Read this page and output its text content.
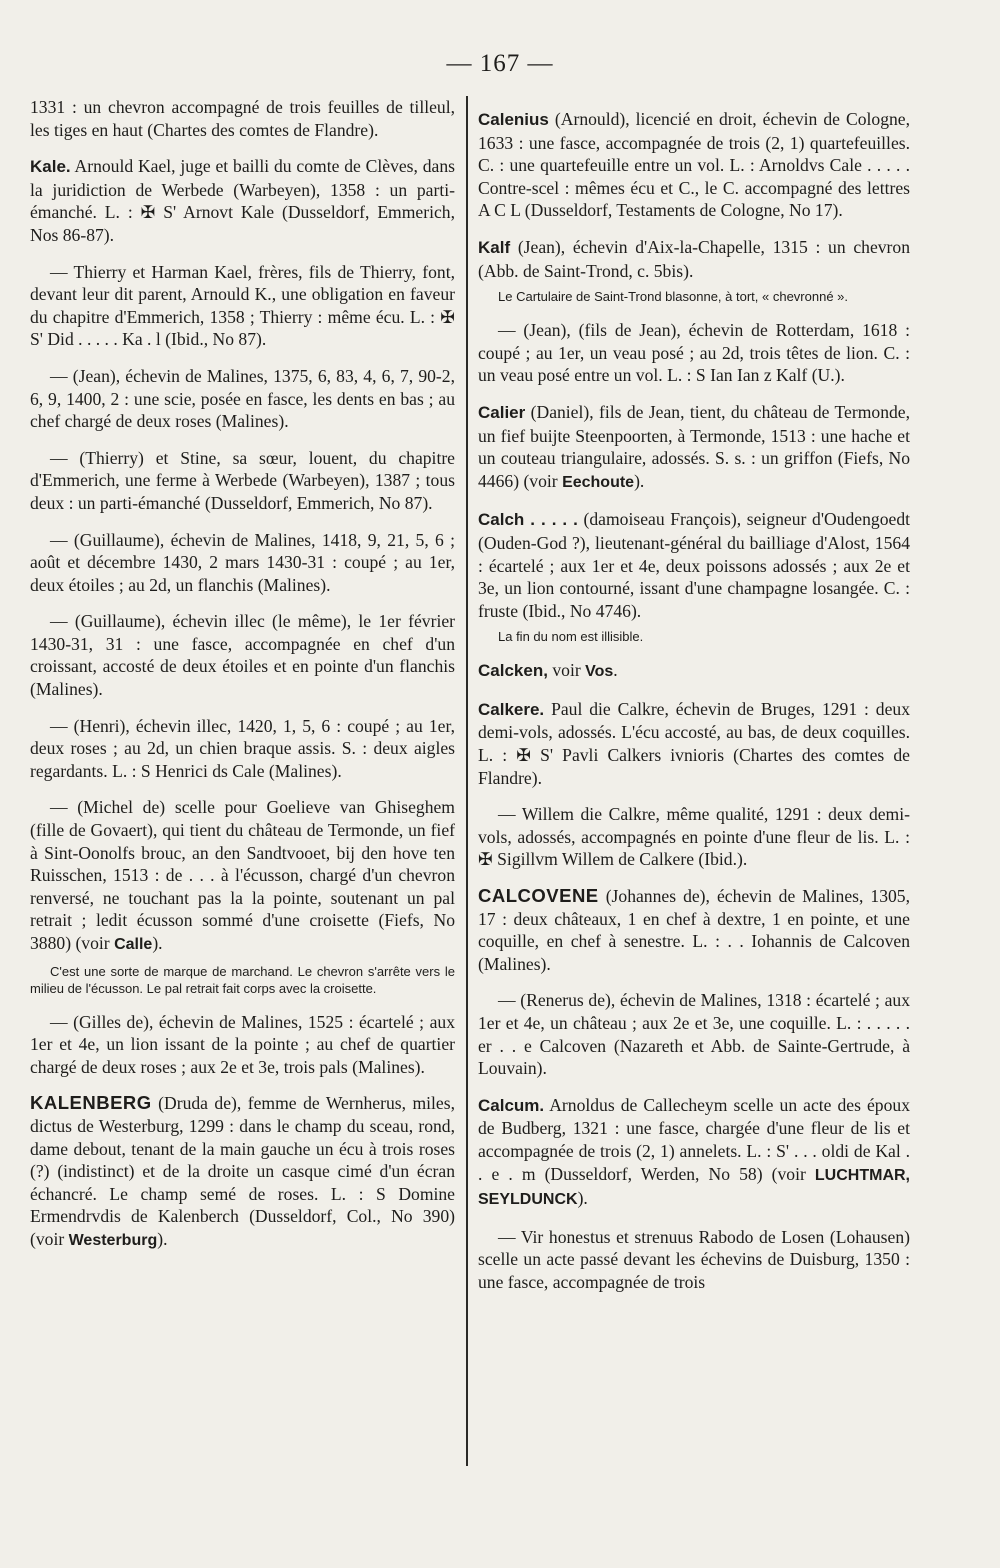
— 167 —

1331 : un chevron accompagné de trois feuilles de tilleul, les tiges en haut (Chartes des comtes de Flandre).

Kale. Arnould Kael, juge et bailli du comte de Clèves, dans la juridiction de Werbede (Warbeyen), 1358 : un parti-émanché. L. : ✠ S' Arnovt Kale (Dusseldorf, Emmerich, Nos 86-87).

— Thierry et Harman Kael, frères, fils de Thierry, font, devant leur dit parent, Arnould K., une obligation en faveur du chapitre d'Emmerich, 1358 ; Thierry : même écu. L. : ✠ S' Did . . . . . Ka . l (Ibid., No 87).

— (Jean), échevin de Malines, 1375, 6, 83, 4, 6, 7, 90-2, 6, 9, 1400, 2 : une scie, posée en fasce, les dents en bas ; au chef chargé de deux roses (Malines).

— (Thierry) et Stine, sa sœur, louent, du chapitre d'Emmerich, une ferme à Werbede (Warbeyen), 1387 ; tous deux : un parti-émanché (Dusseldorf, Emmerich, No 87).

— (Guillaume), échevin de Malines, 1418, 9, 21, 5, 6 ; août et décembre 1430, 2 mars 1430-31 : coupé ; au 1er, deux étoiles ; au 2d, un flanchis (Malines).

— (Guillaume), échevin illec (le même), le 1er février 1430-31, 31 : une fasce, accompagnée en chef d'un croissant, accosté de deux étoiles et en pointe d'un flanchis (Malines).

— (Henri), échevin illec, 1420, 1, 5, 6 : coupé ; au 1er, deux roses ; au 2d, un chien braque assis. S. : deux aigles regardants. L. : S Henrici ds Cale (Malines).

— (Michel de) scelle pour Goelieve van Ghiseghem (fille de Govaert), qui tient du château de Termonde, un fief à Sint-Oonolfs brouc, an den Sandtvooet, bij den hove ten Ruisschen, 1513 : de . . . à l'écusson, chargé d'un chevron renversé, ne touchant pas la la pointe, soutenant un pal retrait ; ledit écusson sommé d'une croisette (Fiefs, No 3880) (voir Calle).

C'est une sorte de marque de marchand. Le chevron s'arrête vers le milieu de l'écusson. Le pal retrait fait corps avec la croisette.

— (Gilles de), échevin de Malines, 1525 : écartelé ; aux 1er et 4e, un lion issant de la pointe ; au chef de quartier chargé de deux roses ; aux 2e et 3e, trois pals (Malines).

KALENBERG (Druda de), femme de Wernherus, miles, dictus de Westerburg, 1299 : dans le champ du sceau, rond, dame debout, tenant de la main gauche un écu à trois roses (?) (indistinct) et de la droite un casque cimé d'un écran échancré. Le champ semé de roses. L. : S Domine Ermendrvdis de Kalenberch (Dusseldorf, Col., No 390) (voir Westerburg).

Calenius (Arnould), licencié en droit, échevin de Cologne, 1633 : une fasce, accompagnée de trois (2, 1) quartefeuilles. C. : une quartefeuille entre un vol. L. : Arnoldvs Cale . . . . . Contre-scel : mêmes écu et C., le C. accompagné des lettres A C L (Dusseldorf, Testaments de Cologne, No 17).

Kalf (Jean), échevin d'Aix-la-Chapelle, 1315 : un chevron (Abb. de Saint-Trond, c. 5bis).

Le Cartulaire de Saint-Trond blasonne, à tort, « chevronné ».

— (Jean), (fils de Jean), échevin de Rotterdam, 1618 : coupé ; au 1er, un veau posé ; au 2d, trois têtes de lion. C. : un veau posé entre un vol. L. : S Ian Ian z Kalf (U.).

Calier (Daniel), fils de Jean, tient, du château de Termonde, un fief buijte Steenpoorten, à Termonde, 1513 : une hache et un couteau triangulaire, adossés. S. s. : un griffon (Fiefs, No 4466) (voir Eechoute).

Calch . . . . . (damoiseau François), seigneur d'Oudengoedt (Ouden-God ?), lieutenant-général du bailliage d'Alost, 1564 : écartelé ; aux 1er et 4e, deux poissons adossés ; aux 2e et 3e, un lion contourné, issant d'une champagne losangée. C. : fruste (Ibid., No 4746).

La fin du nom est illisible.

Calcken, voir Vos.

Calkere. Paul die Calkre, échevin de Bruges, 1291 : deux demi-vols, adossés. L'écu accosté, au bas, de deux coquilles. L. : ✠ S' Pavli Calkers ivnioris (Chartes des comtes de Flandre).

— Willem die Calkre, même qualité, 1291 : deux demi-vols, adossés, accompagnés en pointe d'une fleur de lis. L. : ✠ Sigillvm Willem de Calkere (Ibid.).

CALCOVENE (Johannes de), échevin de Malines, 1305, 17 : deux châteaux, 1 en chef à dextre, 1 en pointe, et une coquille, en chef à senestre. L. : . . Iohannis de Calcoven (Malines).

— (Renerus de), échevin de Malines, 1318 : écartelé ; aux 1er et 4e, un château ; aux 2e et 3e, une coquille. L. : . . . . . er . . e Calcoven (Nazareth et Abb. de Sainte-Gertrude, à Louvain).

Calcum. Arnoldus de Callecheym scelle un acte des époux de Budberg, 1321 : une fasce, chargée d'une fleur de lis et accompagnée de trois (2, 1) annelets. L. : S' . . . oldi de Kal . . e . m (Dusseldorf, Werden, No 58) (voir LUCHTMAR, SEYLDUNCK).

— Vir honestus et strenuus Rabodo de Losen (Lohausen) scelle un acte passé devant les échevins de Duisburg, 1350 : une fasce, accompagnée de trois
